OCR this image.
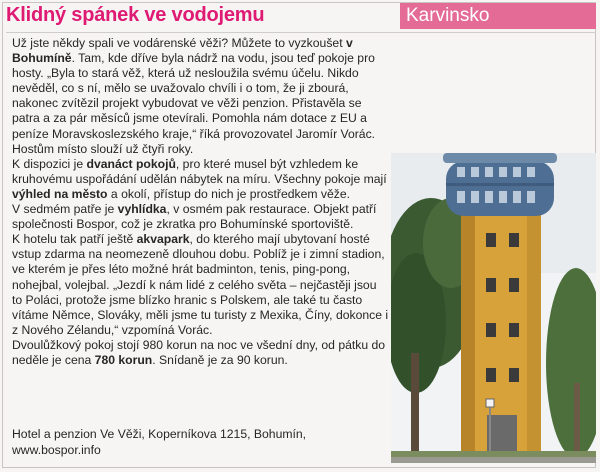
Klidný spánek ve vodojemu	Karvinsko

Už jste někdy spali ve vodárenské věži? Můžete to vyzkoušet v Bohumíně. Tam, kde dříve byla nádrž na vodu, jsou teď pokoje pro hosty. „Byla to stará věž, která už nesloužila svému účelu. Nikdo nevěděl, co s ní, mělo se uvažovalo chvíli i o tom, že ji zbourá, nakonec zvítězil projekt vybudovat ve věži penzion. Přistavěla se patra a za pár měsíců jsme otevírali. Pomohla nám dotace z EU a peníze Moravskoslezského kraje,“ říká provozovatel Jaromír Vorác. Hostům místo slouží už čtyři roky.

K dispozici je dvanáct pokojů, pro které musel být vzhledem ke kruhovému uspořádání udělán nábytek na míru. Všechny pokoje mají výhled na město a okolí, přístup do nich je prostředkem věže.

V sedmém patře je vyhlídka, v osmém pak restaurace. Objekt patří společnosti Bospor, což je zkratka pro Bohumínské sportoviště.

K hotelu tak patří ještě akvapark, do kterého mají ubytovaní hosté vstup zdarma na neomezeně dlouhou dobu. Poblíž je i zimní stadion, ve kterém je přes léto možné hrát badminton, tenis, ping-pong, nohejbal, volejbal. „Jezdí k nám lidé z celého světa – nejčastěji jsou to Poláci, protože jsme blízko hranic s Polskem, ale také tu často vítáme Němce, Slováky, měli jsme tu turisty z Mexika, Číny, dokonce i z Nového Zélandu,“ vzpomíná Vorác.

Dvoulůžkový pokoj stojí 980 korun na noc ve všední dny, od pátku do neděle je cena 780 korun. Snídaně je za 90 korun.

Hotel a penzion Ve Věži, Koperníkova 1215, Bohumín,
www.bospor.info
